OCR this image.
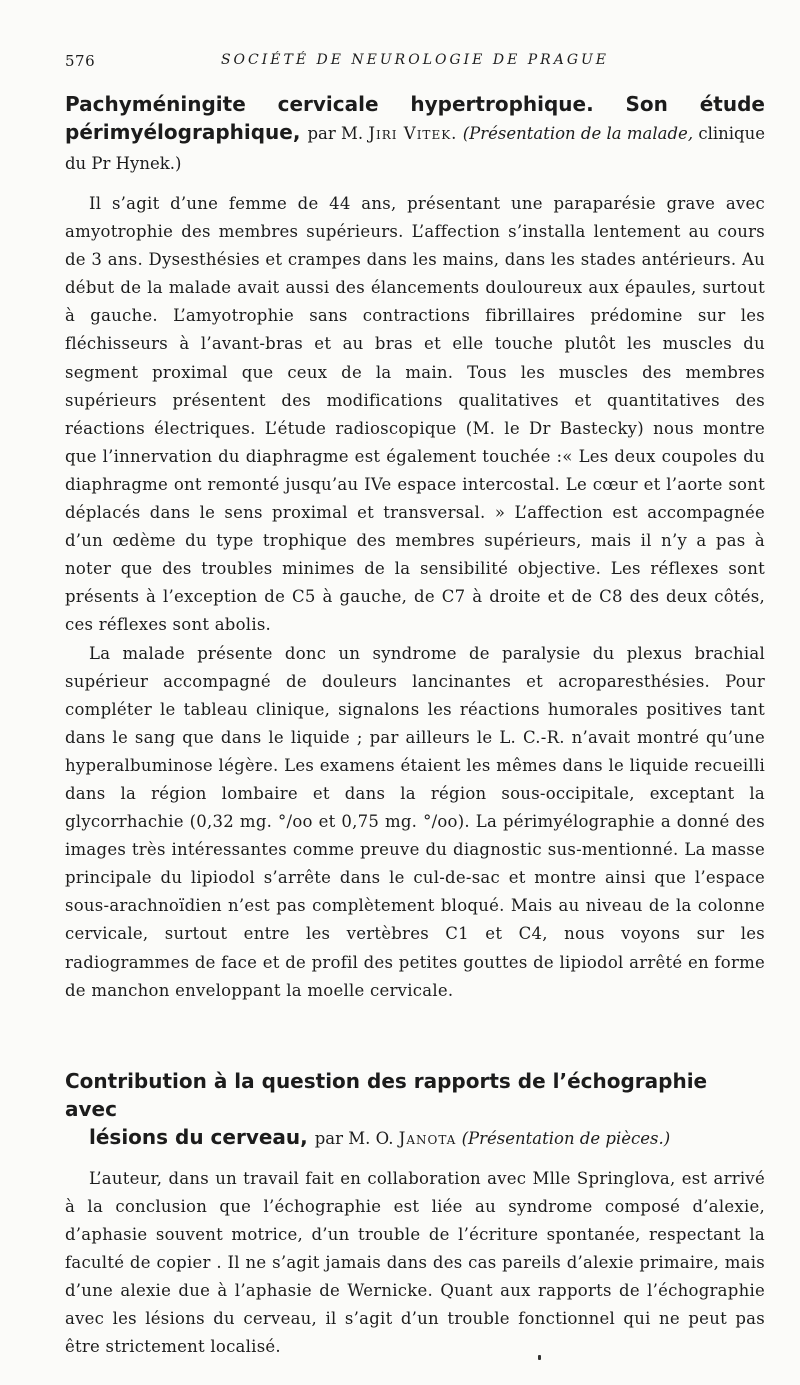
576	SOCIÉTÉ DE NEUROLOGIE DE PRAGUE
Pachyméningite cervicale hypertrophique. Son étude périmyélographique, par M. Jiri Vitek. (Présentation de la malade, clinique du Pr Hynek.)

Il s’agit d’une femme de 44 ans, présentant une paraparésie grave avec amyotrophie des membres supérieurs. L’affection s’installa lentement au cours de 3 ans. Dysesthésies et crampes dans les mains, dans les stades antérieurs. Au début de la malade avait aussi des élancements douloureux aux épaules, surtout à gauche. L’amyotrophie sans contractions fibrillaires prédomine sur les fléchisseurs à l’avant-bras et au bras et elle touche plutôt les muscles du segment proximal que ceux de la main. Tous les muscles des membres supérieurs présentent des modifications qualitatives et quantitatives des réactions électriques. L’étude radioscopique (M. le Dr Bastecky) nous montre que l’innervation du diaphragme est également touchée :« Les deux coupoles du diaphragme ont remonté jusqu’au IVe espace intercostal. Le cœur et l’aorte sont déplacés dans le sens proximal et transversal. » L’affection est accompagnée d’un œdème du type trophique des membres supérieurs, mais il n’y a pas à noter que des troubles minimes de la sensibilité objective. Les réflexes sont présents à l’exception de C5 à gauche, de C7 à droite et de C8 des deux côtés, ces réflexes sont abolis.

La malade présente donc un syndrome de paralysie du plexus brachial supérieur accompagné de douleurs lancinantes et acroparesthésies. Pour compléter le tableau clinique, signalons les réactions humorales positives tant dans le sang que dans le liquide ; par ailleurs le L. C.-R. n’avait montré qu’une hyperalbuminose légère. Les examens étaient les mêmes dans le liquide recueilli dans la région lombaire et dans la région sous-occipitale, exceptant la glycorrhachie (0,32 mg. °/oo et 0,75 mg. °/oo). La périmyélographie a donné des images très intéressantes comme preuve du diagnostic sus-mentionné. La masse principale du lipiodol s’arrête dans le cul-de-sac et montre ainsi que l’espace sous-arachnoïdien n’est pas complètement bloqué. Mais au niveau de la colonne cervicale, surtout entre les vertèbres C1 et C4, nous voyons sur les radiogrammes de face et de profil des petites gouttes de lipiodol arrêté en forme de manchon enveloppant la moelle cervicale.

Contribution à la question des rapports de l’échographie avec
lésions du cerveau, par M. O. Janota (Présentation de pièces.)

L’auteur, dans un travail fait en collaboration avec Mlle Springlova, est arrivé à la conclusion que l’échographie est liée au syndrome composé d’alexie, d’aphasie souvent motrice, d’un trouble de l’écriture spontanée, respectant la faculté de copier . Il ne s’agit jamais dans des cas pareils d’alexie primaire, mais d’une alexie due à l’aphasie de Wernicke. Quant aux rapports de l’échographie avec les lésions du cerveau, il s’agit d’un trouble fonctionnel qui ne peut pas être strictement localisé.
